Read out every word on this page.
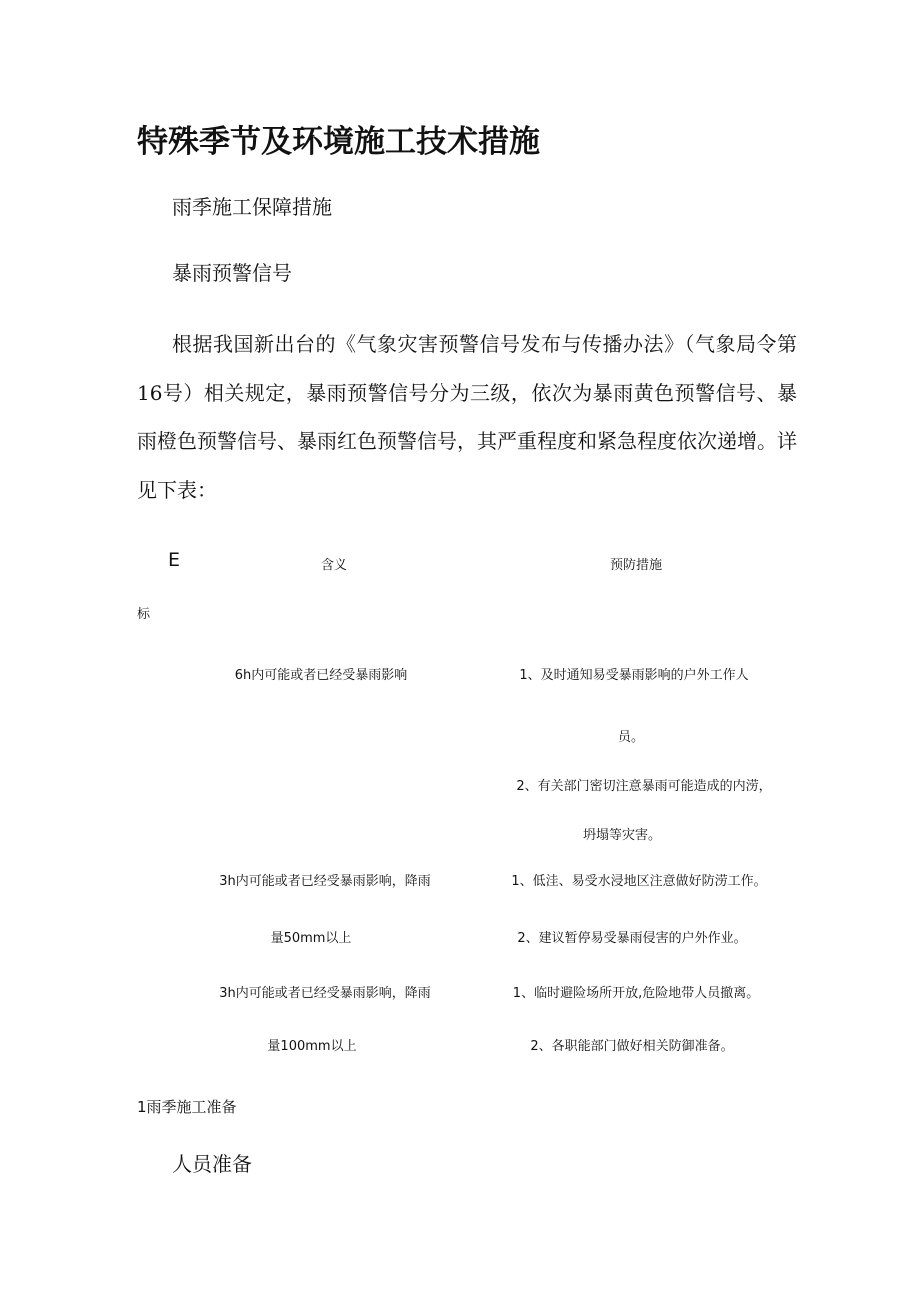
特殊季节及环境施工技术措施
雨季施工保障措施
暴雨预警信号

根据我国新出台的《气象灾害预警信号发布与传播办法》（气象局令第16号）相关规定，暴雨预警信号分为三级，依次为暴雨黄色预警信号、暴雨橙色预警信号、暴雨红色预警信号，其严重程度和紧急程度依次递增。详见下表：

E
标
含义	预防措施
6h内可能或者已经受暴雨影响	1、及时通知易受暴雨影响的户外工作人
员。
2、有关部门密切注意暴雨可能造成的内涝，
坍塌等灾害。
3h内可能或者已经受暴雨影响，降雨
量50mm以上
1、低洼、易受水浸地区注意做好防涝工作。
2、建议暂停易受暴雨侵害的户外作业。
3h内可能或者已经受暴雨影响，降雨
量100mm以上
1、临时避险场所开放,危险地带人员撤离。
2、各职能部门做好相关防御准备。
1雨季施工准备
人员准备
